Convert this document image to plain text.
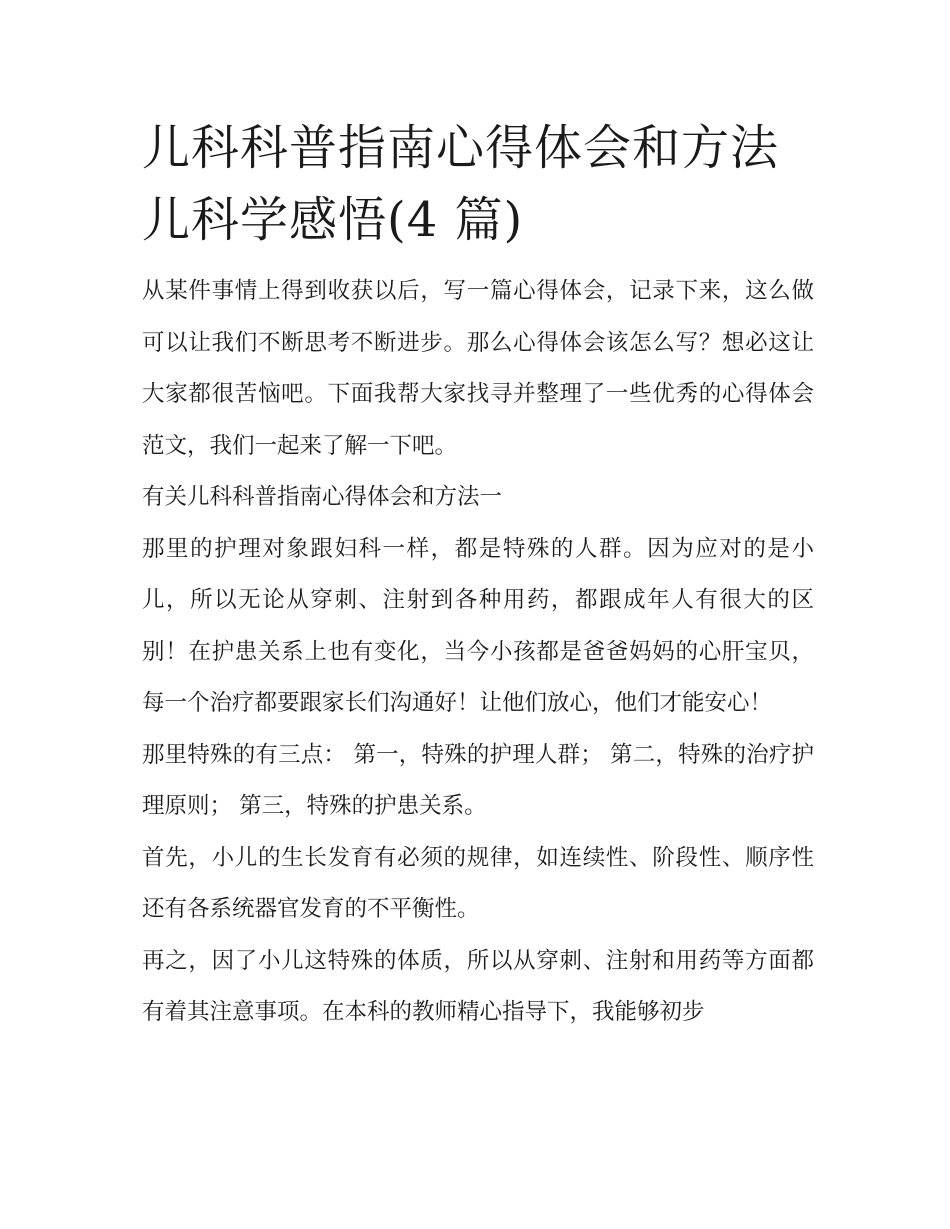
儿科科普指南心得体会和方法
儿科学感悟(4 篇)

从某件事情上得到收获以后，写一篇心得体会，记录下来，这么做可以让我们不断思考不断进步。那么心得体会该怎么写？想必这让大家都很苦恼吧。下面我帮大家找寻并整理了一些优秀的心得体会范文，我们一起来了解一下吧。

有关儿科科普指南心得体会和方法一

那里的护理对象跟妇科一样，都是特殊的人群。因为应对的是小儿，所以无论从穿刺、注射到各种用药，都跟成年人有很大的区别！在护患关系上也有变化，当今小孩都是爸爸妈妈的心肝宝贝，每一个治疗都要跟家长们沟通好！让他们放心，他们才能安心！

那里特殊的有三点： 第一，特殊的护理人群； 第二，特殊的治疗护理原则； 第三，特殊的护患关系。

首先，小儿的生长发育有必须的规律，如连续性、阶段性、顺序性还有各系统器官发育的不平衡性。

再之，因了小儿这特殊的体质，所以从穿刺、注射和用药等方面都有着其注意事项。在本科的教师精心指导下，我能够初步
